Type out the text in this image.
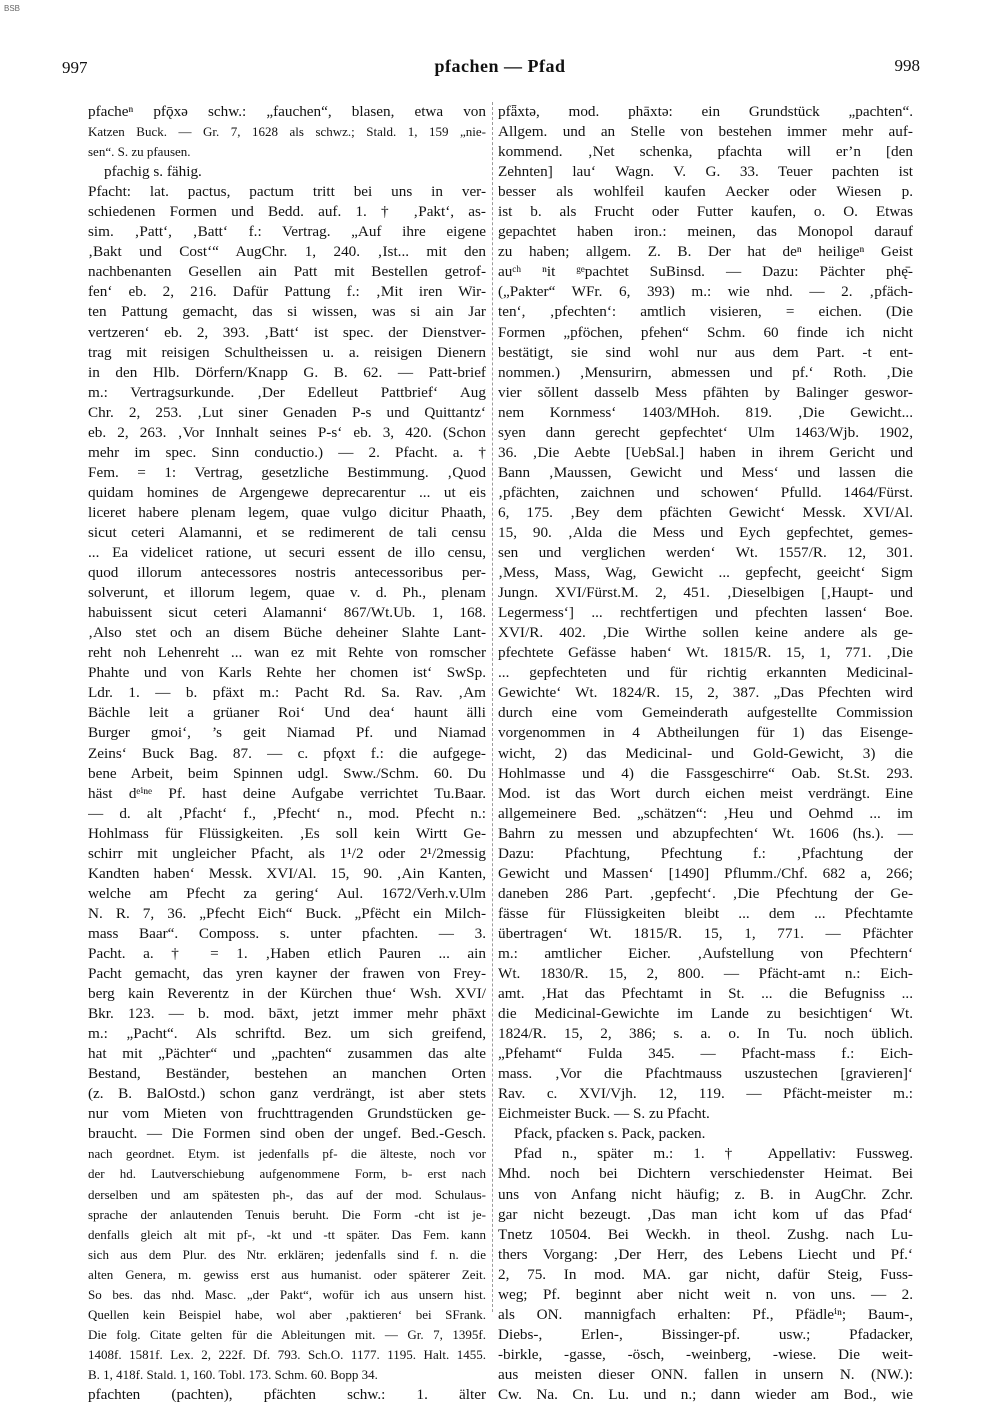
BSB
997	pfachen — Pfad	998
pfacheⁿ pfǭxə schw.: „fauchen“, blasen, etwa von
Katzen Buck. — Gr. 7, 1628 als schwz.; Stald. 1, 159 „nie-
sen“. S. zu pfausen.
pfachig s. fähig.
Pfacht: lat. pactus, pactum tritt bei uns in ver-
schiedenen Formen und Bedd. auf. 1. † ‚Pakt‘, as-
sim. ‚Patt‘, ‚Batt‘ f.: Vertrag. „Auf ihre eigene
‚Bakt und Cost‘“ AugChr. 1, 240. ‚Ist... mit den
nachbenanten Gesellen ain Patt mit Bestellen getrof-
fen‘ eb. 2, 216. Dafür Pattung f.: ‚Mit iren Wir-
ten Pattung gemacht, das si wissen, was si ain Jar
vertzeren‘ eb. 2, 393. ‚Batt‘ ist spec. der Dienstver-
trag mit reisigen Schultheissen u. a. reisigen Dienern
in den Hlb. Dörfern/Knapp G. B. 62. — Patt-brief
m.: Vertragsurkunde. ‚Der Edelleut Pattbrief‘ Aug
Chr. 2, 253. ‚Lut siner Genaden P-s und Quittantz‘
eb. 2, 263. ‚Vor Innhalt seines P-s‘ eb. 3, 420. (Schon
mehr im spec. Sinn conductio.) — 2. Pfacht. a. †
Fem. = 1: Vertrag, gesetzliche Bestimmung. ‚Quod
quidam homines de Argengewe deprecarentur ... ut eis
liceret habere plenam legem, quae vulgo dicitur Phaath,
sicut ceteri Alamanni, et se redimerent de tali censu
... Ea videlicet ratione, ut securi essent de illo censu,
quod illorum antecessores nostris antecessoribus per-
solverunt, et illorum legem, quae v. d. Ph., plenam
habuissent sicut ceteri Alamanni‘ 867/Wt.Ub. 1, 168.
‚Also stet och an disem Büche deheiner Slahte Lant-
reht noh Lehenreht ... wan ez mit Rehte von romscher
Phahte und von Karls Rehte her chomen ist‘ SwSp.
Ldr. 1. — b. pfäxt m.: Pacht Rd. Sa. Rav. ‚Am
Bächle leit a grüaner Roi‘ Und dea‘ haunt älli
Burger gmoi‘, ’s geit Niamad Pf. und Niamad
Zeins‘ Buck Bag. 87. — c. pfǫxt f.: die aufgege-
bene Arbeit, beim Spinnen udgl. Sww./Schm. 60. Du
häst dᵉⁱⁿᵉ Pf. hast deine Aufgabe verrichtet Tu.Baar.
— d. alt ‚Pfacht‘ f., ‚Pfecht‘ n., mod. Pfecht n.:
Hohlmass für Flüssigkeiten. ‚Es soll kein Wirtt Ge-
schirr mit ungleicher Pfacht, als 1¹/2 oder 2¹/2messig
Kandten haben‘ Messk. XVI/Al. 15, 90. ‚Ain Kanten,
welche am Pfecht za gering‘ Aul. 1672/Verh.v.Ulm
N. R. 7, 36. „Pfecht Eich“ Buck. „Pfëcht ein Milch-
mass Baar“. Composs. s. unter pfachten. — 3.
Pacht. a. † = 1. ‚Haben etlich Pauren ... ain
Pacht gemacht, das yren kayner der frawen von Frey-
berg kain Reverentz in der Kürchen thue‘ Wsh. XVI/
Bkr. 123. — b. mod. bāxt, jetzt immer mehr phāxt
m.: „Pacht“. Als schriftd. Bez. um sich greifend,
hat mit „Pächter“ und „pachten“ zusammen das alte
Bestand, Beständer, bestehen an manchen Orten
(z. B. BalOstd.) schon ganz verdrängt, ist aber stets
nur vom Mieten von fruchttragenden Grundstücken ge-
braucht. — Die Formen sind oben der ungef. Bed.-Gesch.
nach geordnet. Etym. ist jedenfalls pf- die älteste, noch vor
der hd. Lautverschiebung aufgenommene Form, b- erst nach
derselben und am spätesten ph-, das auf der mod. Schulaus-
sprache der anlautenden Tenuis beruht. Die Form -cht ist je-
denfalls gleich alt mit pf-, -kt und -tt später. Das Fem. kann
sich aus dem Plur. des Ntr. erklären; jedenfalls sind f. n. die
alten Genera, m. gewiss erst aus humanist. oder späterer Zeit.
So bes. das nhd. Masc. „der Pakt“, wofür ich aus unsern hist.
Quellen kein Beispiel habe, wol aber ‚paktieren‘ bei SFrank.
Die folg. Citate gelten für die Ableitungen mit. — Gr. 7, 1395f.
1408f. 1581f. Lex. 2, 222f. Df. 793. Sch.O. 1177. 1195. Halt. 1455.
B. 1, 418f. Stald. 1, 160. Tobl. 173. Schm. 60. Bopp 34.
pfachten (pachten), pfächten schw.: 1. älter
pfǟxtə, mod. phāxtə: ein Grundstück „pachten“.
Allgem. und an Stelle von bestehen immer mehr auf-
kommend. ‚Net schenka, pfachta will er’n [den
Zehnten] lau‘ Wagn. V. G. 33. Teuer pachten ist
besser als wohlfeil kaufen Aecker oder Wiesen p.
ist b. als Frucht oder Futter kaufen, o. O. Etwas
gepachtet haben iron.: meinen, das Monopol darauf
zu haben; allgem. Z. B. Der hat deⁿ heiligeⁿ Geist
auᶜʰ ⁿit ᵍᵉpachtet SuBinsd. — Dazu: Pächter phę̄-
(„Pakter“ WFr. 6, 393) m.: wie nhd. — 2. ‚pfäch-
ten‘, ‚pfechten‘: amtlich visieren, = eichen. (Die
Formen „pföchen, pfehen“ Schm. 60 finde ich nicht
bestätigt, sie sind wohl nur aus dem Part. -t ent-
nommen.) ‚Mensurirn, abmessen und pf.‘ Roth. ‚Die
vier sŏllent dasselb Mess pfāhten by Balinger geswor-
nem Kornmess‘ 1403/MHoh. 819. ‚Die Gewicht...
syen dann gerecht gepfechtet‘ Ulm 1463/Wjb. 1902,
36. ‚Die Aebte [UebSal.] haben in ihrem Gericht und
Bann ‚Maussen, Gewicht und Mess‘ und lassen die
‚pfächten, zaichnen und schowen‘ Pfulld. 1464/Fürst.
6, 175. ‚Bey dem pfächten Gewicht‘ Messk. XVI/Al.
15, 90. ‚Alda die Mess und Eych gepfechtet, gemes-
sen und verglichen werden‘ Wt. 1557/R. 12, 301.
‚Mess, Mass, Wag, Gewicht ... gepfecht, geeicht‘ Sigm
Jungn. XVI/Fürst.M. 2, 451. ‚Dieselbigen [‚Haupt- und
Legermess‘] ... rechtfertigen und pfechten lassen‘ Boe.
XVI/R. 402. ‚Die Wirthe sollen keine andere als ge-
pfechtete Gefässe haben‘ Wt. 1815/R. 15, 1, 771. ‚Die
... gepfechteten und für richtig erkannten Medicinal-
Gewichte‘ Wt. 1824/R. 15, 2, 387. „Das Pfechten wird
durch eine vom Gemeinderath aufgestellte Commission
vorgenommen in 4 Abtheilungen für 1) das Eisenge-
wicht, 2) das Medicinal- und Gold-Gewicht, 3) die
Hohlmasse und 4) die Fassgeschirre“ Oab. St.St. 293.
Mod. ist das Wort durch eichen meist verdrängt. Eine
allgemeinere Bed. „schätzen“: ‚Heu und Oehmd ... im
Bahrn zu messen und abzupfechten‘ Wt. 1606 (hs.). —
Dazu: Pfachtung, Pfechtung f.: ‚Pfachtung der
Gewicht und Massen‘ [1490] Pflumm./Chf. 682 a, 266;
daneben 286 Part. ‚gepfecht‘. ‚Die Pfechtung der Ge-
fässe für Flüssigkeiten bleibt ... dem ... Pfechtamte
übertragen‘ Wt. 1815/R. 15, 1, 771. — Pfächter
m.: amtlicher Eicher. ‚Aufstellung von Pfechtern‘
Wt. 1830/R. 15, 2, 800. — Pfächt-amt n.: Eich-
amt. ‚Hat das Pfechtamt in St. ... die Befugniss ...
die Medicinal-Gewichte im Lande zu besichtigen‘ Wt.
1824/R. 15, 2, 386; s. a. o. In Tu. noch üblich.
„Pfehamt“ Fulda 345. — Pfacht-mass f.: Eich-
mass. ‚Vor die Pfachtmauss uszustechen [gravieren]‘
Rav. c. XVI/Vjh. 12, 119. — Pfächt-meister m.:
Eichmeister Buck. — S. zu Pfacht.
Pfack, pfacken s. Pack, packen.
Pfad n., später m.: 1. † Appellativ: Fussweg.
Mhd. noch bei Dichtern verschiedenster Heimat. Bei
uns von Anfang nicht häufig; z. B. in AugChr. Zchr.
gar nicht bezeugt. ‚Das man icht kom uf das Pfad‘
Tnetz 10504. Bei Weckh. in theol. Zushg. nach Lu-
thers Vorgang: ‚Der Herr, des Lebens Liecht und Pf.‘
2, 75. In mod. MA. gar nicht, dafür Steig, Fuss-
weg; Pf. beginnt aber nicht weit n. von uns. — 2.
als ON. mannigfach erhalten: Pf., Pfädleⁱⁿ; Baum-,
Diebs-, Erlen-, Bissinger-pf. usw.; Pfadacker,
-birkle, -gasse, -ösch, -weinberg, -wiese. Die weit-
aus meisten dieser ONN. fallen in unsern N. (NW.):
Cw. Na. Cn. Lu. und n.; dann wieder am Bod., wie
